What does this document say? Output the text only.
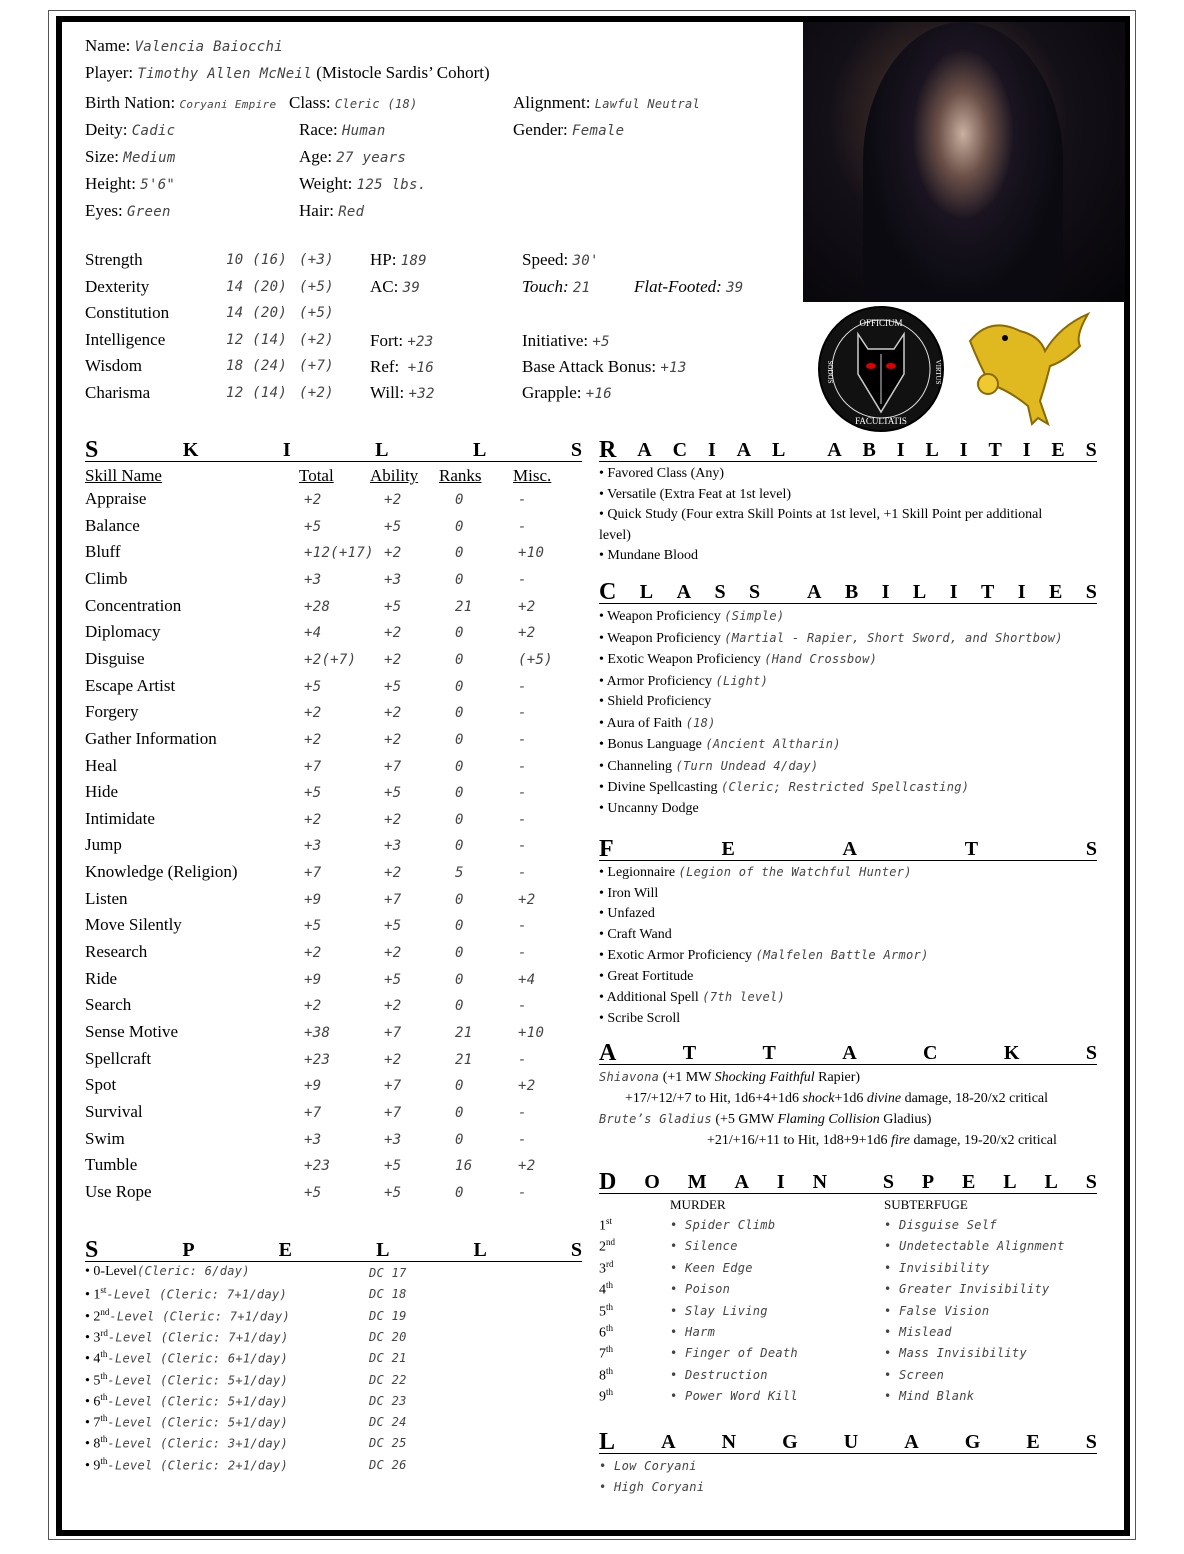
Name: Valencia Baiocchi
Player: Timothy Allen McNeil (Mistocle Sardis’ Cohort)
Birth Nation: Coryani Empire Class: Cleric (18)	Alignment: Lawful Neutral
Deity: Cadic	Race: Human	Gender: Female
Size: Medium	Age: 27 years
Height: 5'6"	Weight: 125 lbs.
Eyes: Green	Hair: Red
Strength	10 (16) (+3)
Dexterity	14 (20) (+5)
Constitution	14 (20) (+5)
Intelligence	12 (14) (+2)
Wisdom	18 (24) (+7)
Charisma	12 (14) (+2)
HP: 189
AC: 39
Fort: +23
Ref: +16
Will: +32
Speed: 30'
Touch: 21	Flat-Footed: 39
Initiative: +5
Base Attack Bonus: +13
Grapple: +16
OFFICIUM
FACULTATIS
SODOS	VIRTUS
S	K	I	L	L	S
Skill Name	Total Ability Ranks Misc.
Appraise	+2	+2	0	-
Balance	+5	+5	0	-
Bluff	+12(+17) +2	0	+10
Climb	+3	+3	0	-
Concentration	+28	+5	21	+2
Diplomacy	+4	+2	0	+2
Disguise	+2(+7) +2	0	(+5)
Escape Artist	+5	+5	0	-
Forgery	+2	+2	0	-
Gather Information	+2	+2	0	-
Heal	+7	+7	0	-
Hide	+5	+5	0	-
Intimidate	+2	+2	0	-
Jump	+3	+3	0	-
Knowledge (Religion)	+7	+2	5	-
Listen	+9	+7	0	+2
Move Silently	+5	+5	0	-
Research	+2	+2	0	-
Ride	+9	+5	0	+4
Search	+2	+2	0	-
Sense Motive	+38	+7	21	+10
Spellcraft	+23	+2	21	-
Spot	+9	+7	0	+2
Survival	+7	+7	0	-
Swim	+3	+3	0	-
Tumble	+23	+5	16	+2
Use Rope	+5	+5	0	-
S	P	E	L	L	S
• 0-Level(Cleric: 6/day)	DC 17
• 1st-Level (Cleric: 7+1/day)	DC 18
• 2nd-Level (Cleric: 7+1/day)	DC 19
• 3rd-Level (Cleric: 7+1/day)	DC 20
• 4th-Level (Cleric: 6+1/day)	DC 21
• 5th-Level (Cleric: 5+1/day)	DC 22
• 6th-Level (Cleric: 5+1/day)	DC 23
• 7th-Level (Cleric: 5+1/day)	DC 24
• 8th-Level (Cleric: 3+1/day)	DC 25
• 9th-Level (Cleric: 2+1/day)	DC 26
R A C I A L A B I L I T I E S
• Favored Class (Any)
• Versatile (Extra Feat at 1st level)
• Quick Study (Four extra Skill Points at 1st level, +1 Skill Point per additional
level)
• Mundane Blood
C L A S S A B I L I T I E S
• Weapon Proficiency (Simple)
• Weapon Proficiency (Martial - Rapier, Short Sword, and Shortbow)
• Exotic Weapon Proficiency (Hand Crossbow)
• Armor Proficiency (Light)
• Shield Proficiency
• Aura of Faith (18)
• Bonus Language (Ancient Altharin)
• Channeling (Turn Undead 4/day)
• Divine Spellcasting (Cleric; Restricted Spellcasting)
• Uncanny Dodge
F	E	A	T	S
• Legionnaire (Legion of the Watchful Hunter)
• Iron Will
• Unfazed
• Craft Wand
• Exotic Armor Proficiency (Malfelen Battle Armor)
• Great Fortitude
• Additional Spell (7th level)
• Scribe Scroll
A	T	T	A	C	K	S
Shiavona (+1 MW Shocking Faithful Rapier)
+17/+12/+7 to Hit, 1d6+4+1d6 shock+1d6 divine damage, 18-20/x2 critical
Brute’s Gladius (+5 GMW Flaming Collision Gladius)
+21/+16/+11 to Hit, 1d8+9+1d6 fire damage, 19-20/x2 critical
D O M A I N	S P E L L S
MURDER	SUBTERFUGE
1st	• Spider Climb	• Disguise Self
2nd	• Silence	• Undetectable Alignment
3rd	• Keen Edge	• Invisibility
4th	• Poison	• Greater Invisibility
5th	• Slay Living	• False Vision
6th	• Harm	• Mislead
7th	• Finger of Death	• Mass Invisibility
8th	• Destruction	• Screen
9th	• Power Word Kill	• Mind Blank
L A N G U A G E S
• Low Coryani
• High Coryani
